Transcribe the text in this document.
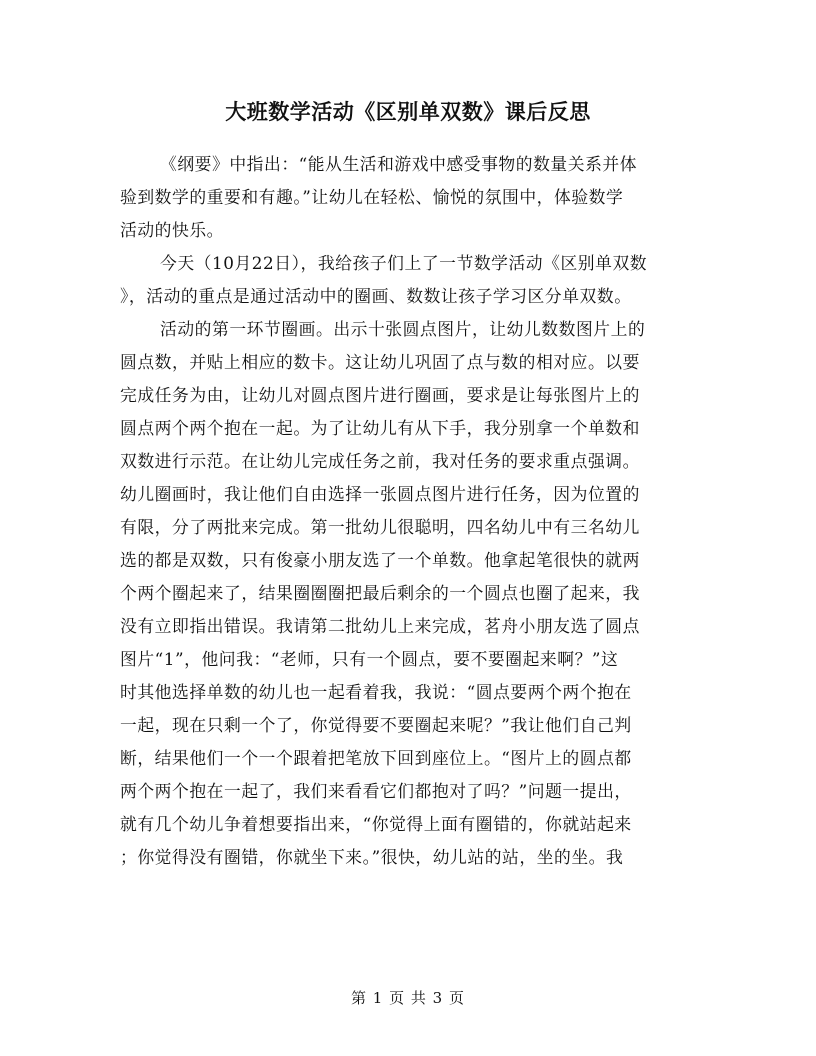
大班数学活动《区别单双数》课后反思
《纲要》中指出：“能从生活和游戏中感受事物的数量关系并体
验到数学的重要和有趣。”让幼儿在轻松、愉悦的氛围中，体验数学
活动的快乐。
今天（10月22日），我给孩子们上了一节数学活动《区别单双数
》，活动的重点是通过活动中的圈画、数数让孩子学习区分单双数。
活动的第一环节圈画。出示十张圆点图片，让幼儿数数图片上的
圆点数，并贴上相应的数卡。这让幼儿巩固了点与数的相对应。以要
完成任务为由，让幼儿对圆点图片进行圈画，要求是让每张图片上的
圆点两个两个抱在一起。为了让幼儿有从下手，我分别拿一个单数和
双数进行示范。在让幼儿完成任务之前，我对任务的要求重点强调。
幼儿圈画时，我让他们自由选择一张圆点图片进行任务，因为位置的
有限，分了两批来完成。第一批幼儿很聪明，四名幼儿中有三名幼儿
选的都是双数，只有俊豪小朋友选了一个单数。他拿起笔很快的就两
个两个圈起来了，结果圈圈圈把最后剩余的一个圆点也圈了起来，我
没有立即指出错误。我请第二批幼儿上来完成，茗舟小朋友选了圆点
图片“1”，他问我：“老师，只有一个圆点，要不要圈起来啊？”这
时其他选择单数的幼儿也一起看着我，我说：“圆点要两个两个抱在
一起，现在只剩一个了，你觉得要不要圈起来呢？”我让他们自己判
断，结果他们一个一个跟着把笔放下回到座位上。“图片上的圆点都
两个两个抱在一起了，我们来看看它们都抱对了吗？”问题一提出，
就有几个幼儿争着想要指出来，“你觉得上面有圈错的，你就站起来
；你觉得没有圈错，你就坐下来。”很快，幼儿站的站，坐的坐。我
第 1 页 共 3 页
